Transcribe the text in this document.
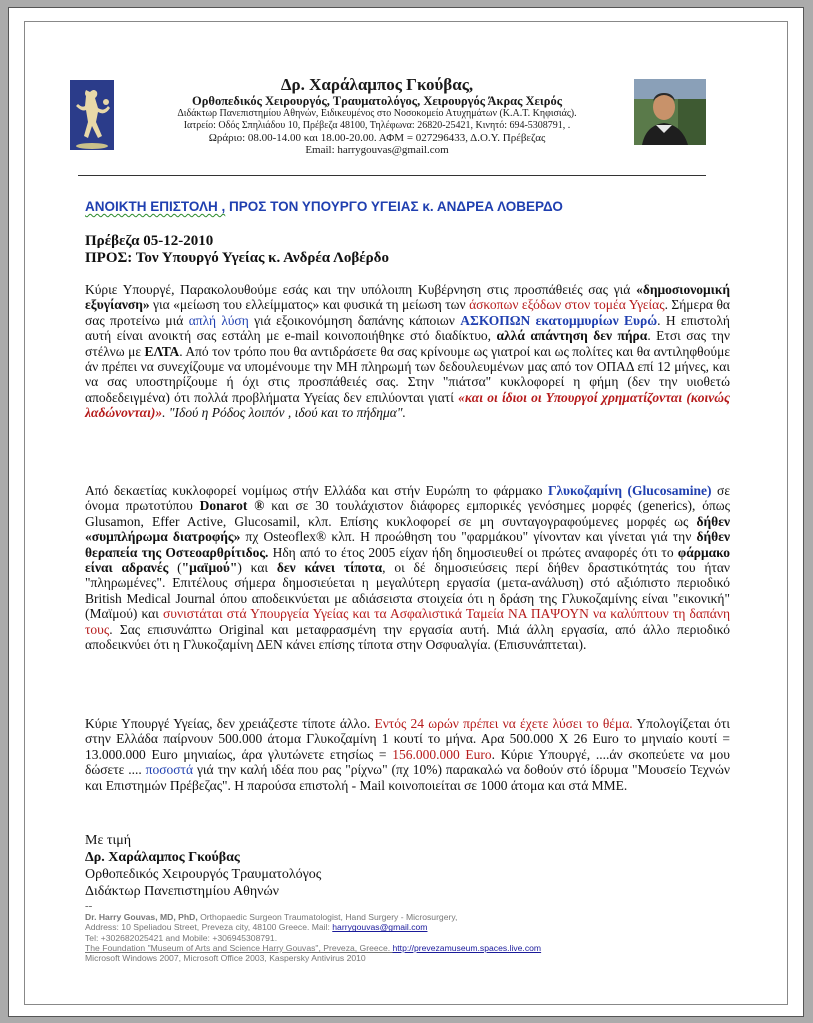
Δρ. Χαράλαμπος Γκούβας,
Ορθοπεδικός Χειρουργός, Τραυματολόγος, Χειρουργός Άκρας Χειρός
Διδάκτωρ Πανεπιστημίου Αθηνών, Ειδικευμένος στο Νοσοκομείο Ατυχημάτων (Κ.Α.Τ. Κηφισιάς).
Ιατρείο: Οδός Σπηλιάδου 10, Πρέβεζα 48100, Τηλέφωνα: 26820-25421, Κινητό: 694-5308791, .
Ωράριο: 08.00-14.00 και 18.00-20.00. ΑΦΜ = 027296433, Δ.Ο.Υ. Πρέβεζας
Email: harrygouvas@gmail.com
ΑΝΟΙΚΤΗ ΕΠΙΣΤΟΛΗ , ΠΡΟΣ ΤΟΝ ΥΠΟΥΡΓΟ ΥΓΕΙΑΣ κ. ΑΝΔΡΕΑ ΛΟΒΕΡΔΟ
Πρέβεζα 05-12-2010
ΠΡΟΣ: Τον Υπουργό Υγείας κ. Ανδρέα Λοβέρδο
Κύριε Υπουργέ, Παρακολουθούμε εσάς και την υπόλοιπη Κυβέρνηση στις προσπάθειές σας γιά «δημοσιονομική εξυγίανση» για «μείωση του ελλείμματος» και φυσικά τη μείωση των άσκοπων εξόδων στον τομέα Υγείας. Σήμερα θα σας προτείνω μιά απλή λύση γιά εξοικονόμηση δαπάνης κάποιων ΑΣΚΟΠΩΝ εκατομμυρίων Ευρώ. Η επιστολή αυτή είναι ανοικτή σας εστάλη με e-mail κοινοποιήθηκε στό διαδίκτυο, αλλά απάντηση δεν πήρα. Ετσι σας την στέλνω με ΕΛΤΑ. Από τον τρόπο που θα αντιδράσετε θα σας κρίνουμε ως γιατροί και ως πολίτες και θα αντιληφθούμε άν πρέπει να συνεχίζουμε να υπομένουμε την ΜΗ πληρωμή των δεδουλευμένων μας από τον ΟΠΑΔ επί 12 μήνες, και να σας υποστηρίζουμε ή όχι στις προσπάθειές σας. Στην "πιάτσα" κυκλοφορεί η φήμη (δεν την υιοθετώ αποδεδειγμένα) ότι πολλά προβλήματα Υγείας δεν επιλύονται γιατί «και οι ίδιοι οι Υπουργοί χρηματίζονται (κοινώς λαδώνονται)». "Ιδού η Ρόδος λοιπόν , ιδού και το πήδημα".
Από δεκαετίας κυκλοφορεί νομίμως στήν Ελλάδα και στήν Ευρώπη το φάρμακο Γλυκοζαμίνη (Glucosamine) σε όνομα πρωτοτύπου Donarot ® και σε 30 τουλάχιστον διάφορες εμπορικές γενόσημες μορφές (generics), όπως Glusamon, Effer Active, Glucosamil, κλπ. Επίσης κυκλοφορεί σε μη συνταγογραφούμενες μορφές ως δήθεν «συμπλήρωμα διατροφής» πχ Osteoflex® κλπ. Η προώθηση του "φαρμάκου" γίνονταν και γίνεται γιά την δήθεν θεραπεία της Οστεοαρθρίτιδος. Ηδη από το έτος 2005 είχαν ήδη δημοσιευθεί οι πρώτες αναφορές ότι το φάρμακο είναι αδρανές ("μαϊμού") και δεν κάνει τίποτα, οι δέ δημοσιεύσεις περί δήθεν δραστικότητάς του ήταν "πληρωμένες". Επιτέλους σήμερα δημοσιεύεται η μεγαλύτερη εργασία (μετα-ανάλυση) στό αξιόπιστο περιοδικό British Medical Journal όπου αποδεικνύεται με αδιάσειστα στοιχεία ότι η δράση της Γλυκοζαμίνης είναι "εικονική" (Μαϊμού) και συνιστάται στά Υπουργεία Υγείας και τα Ασφαλιστικά Ταμεία ΝΑ ΠΑΨΟΥΝ να καλύπτουν τη δαπάνη τους. Σας επισυνάπτω Original και μεταφρασμένη την εργασία αυτή. Μιά άλλη εργασία, από άλλο περιοδικό αποδεικνύει ότι η Γλυκοζαμίνη ΔΕΝ κάνει επίσης τίποτα στην Οσφυαλγία. (Επισυνάπτεται).
Κύριε Υπουργέ Υγείας, δεν χρειάζεστε τίποτε άλλο. Εντός 24 ωρών πρέπει να έχετε λύσει το θέμα. Υπολογίζεται ότι στην Ελλάδα παίρνουν 500.000 άτομα Γλυκοζαμίνη 1 κουτί το μήνα. Αρα 500.000 Χ 26 Euro το μηνιαίο κουτί = 13.000.000 Euro μηνιαίως, άρα γλυτώνετε ετησίως = 156.000.000 Euro. Κύριε Υπουργέ, ....άν σκοπεύετε να μου δώσετε .... ποσοστά γιά την καλή ιδέα που ρας "ρίχνω" (πχ 10%) παρακαλώ να δοθούν στό ίδρυμα "Μουσείο Τεχνών και Επιστημών Πρέβεζας". Η παρούσα επιστολή - Mail κοινοποιείται σε 1000 άτομα και στά ΜΜΕ.
Με τιμή
Δρ. Χαράλαμπος Γκούβας
Ορθοπεδικός Χειρουργός Τραυματολόγος
Διδάκτωρ Πανεπιστημίου Αθηνών
--
Dr. Harry Gouvas, MD, PhD, Orthopaedic Surgeon Traumatologist, Hand Surgery - Microsurgery,
Address: 10 Speliadou Street, Preveza city, 48100 Greece. Mail: harrygouvas@gmail.com
Tel: +302682025421 and Mobile: +306945308791.
The Foundation "Museum of Arts and Science Harry Gouvas", Preveza, Greece. http://prevezamuseum.spaces.live.com
Microsoft Windows 2007, Microsoft Office 2003, Kaspersky Antivirus 2010
